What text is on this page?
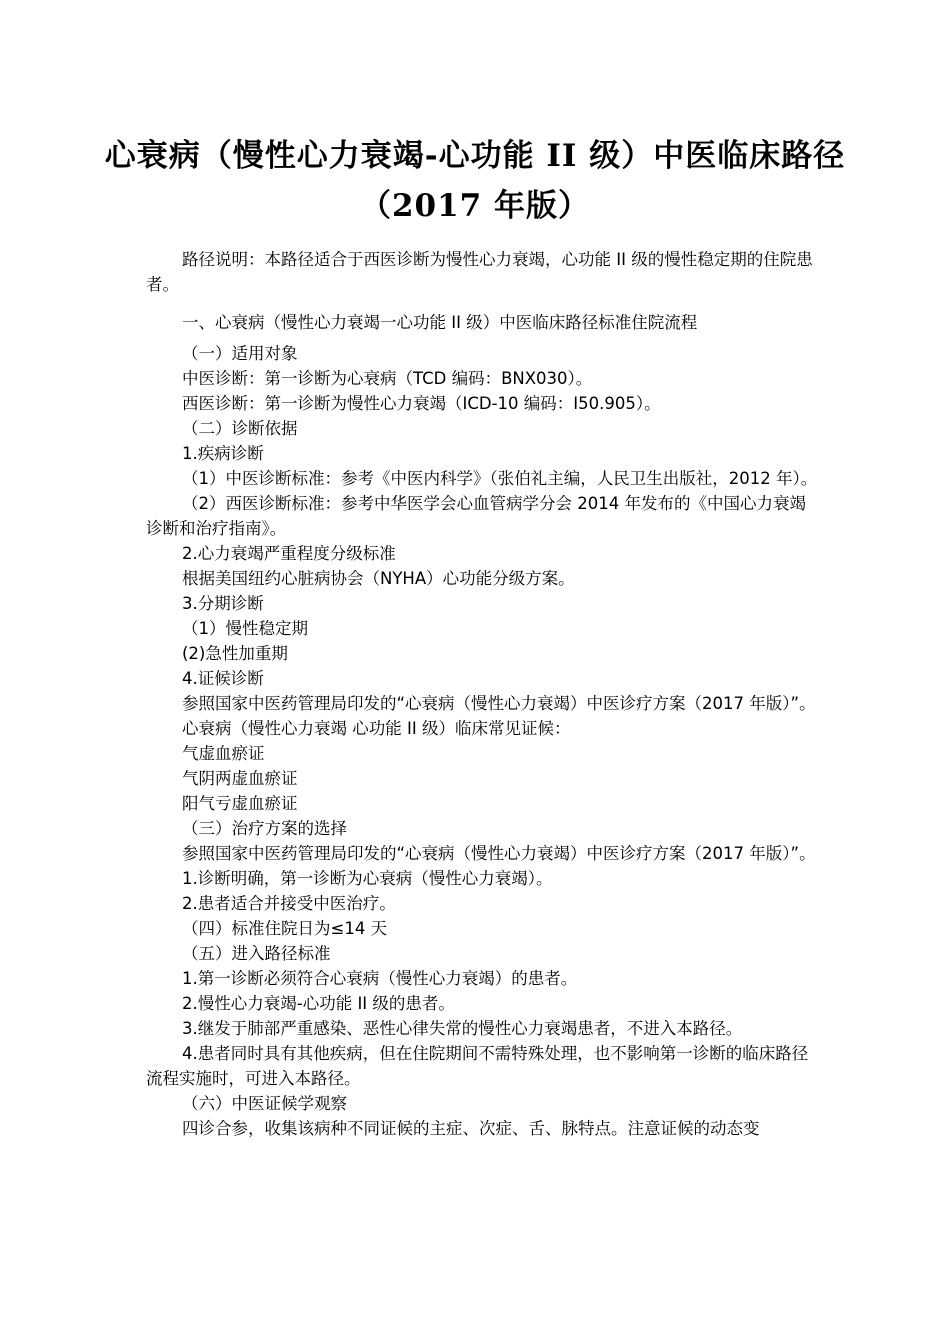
心衰病（慢性心力衰竭-心功能 II 级）中医临床路径
（2017 年版）

路径说明：本路径适合于西医诊断为慢性心力衰竭，心功能 II 级的慢性稳定期的住院患者。

一、心衰病（慢性心力衰竭一心功能 II 级）中医临床路径标准住院流程

（一）适用对象

中医诊断：第一诊断为心衰病（TCD 编码：BNX030）。

西医诊断：第一诊断为慢性心力衰竭（ICD-10 编码：I50.905）。

（二）诊断依据

1.疾病诊断

（1）中医诊断标准：参考《中医内科学》（张伯礼主编，人民卫生出版社，2012 年）。

（2）西医诊断标准：参考中华医学会心血管病学分会 2014 年发布的《中国心力衰竭诊断和治疗指南》。

2.心力衰竭严重程度分级标准

根据美国纽约心脏病协会（NYHA）心功能分级方案。

3.分期诊断

（1）慢性稳定期

(2)急性加重期

4.证候诊断

参照国家中医药管理局印发的“心衰病（慢性心力衰竭）中医诊疗方案（2017 年版）”。

心衰病（慢性心力衰竭 心功能 II 级）临床常见证候：

气虚血瘀证

气阴两虚血瘀证

阳气亏虚血瘀证

（三）治疗方案的选择

参照国家中医药管理局印发的“心衰病（慢性心力衰竭）中医诊疗方案（2017 年版）”。

1.诊断明确，第一诊断为心衰病（慢性心力衰竭）。

2.患者适合并接受中医治疗。

（四）标准住院日为≤14 天

（五）进入路径标准

1.第一诊断必须符合心衰病（慢性心力衰竭）的患者。

2.慢性心力衰竭-心功能 II 级的患者。

3.继发于肺部严重感染、恶性心律失常的慢性心力衰竭患者，不进入本路径。

4.患者同时具有其他疾病，但在住院期间不需特殊处理，也不影响第一诊断的临床路径流程实施时，可进入本路径。

（六）中医证候学观察

四诊合参，收集该病种不同证候的主症、次症、舌、脉特点。注意证候的动态变
